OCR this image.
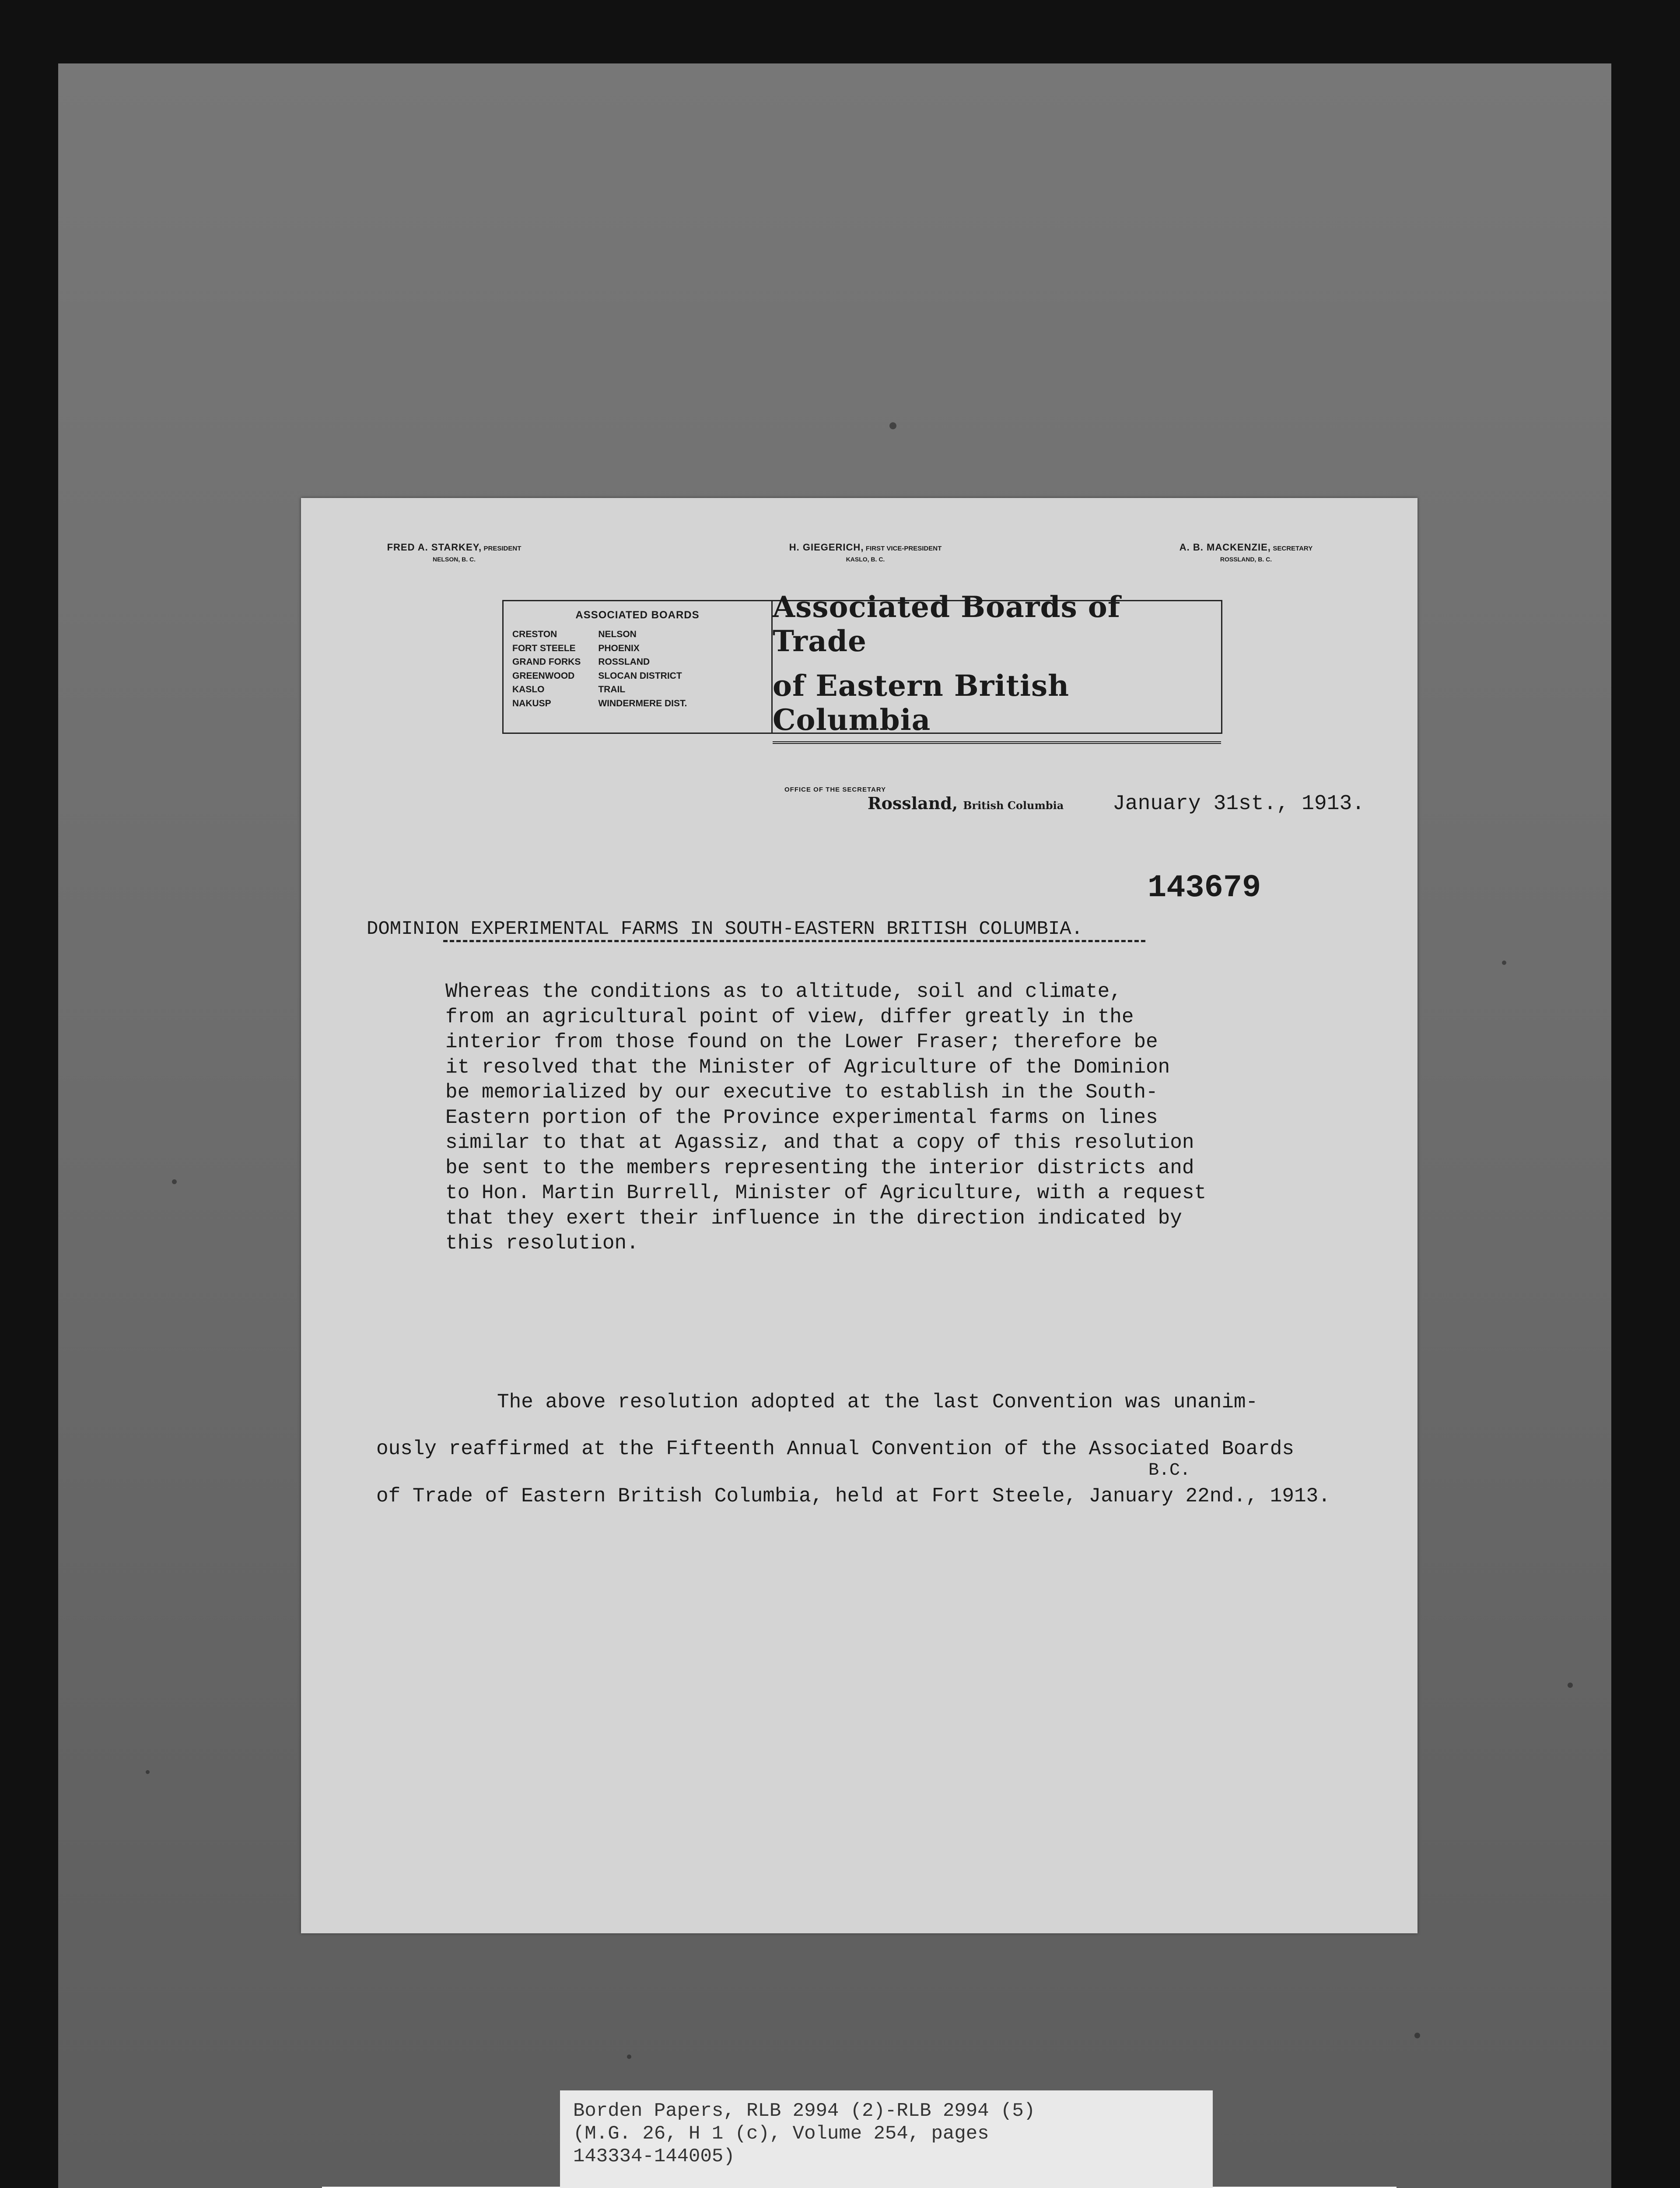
FRED A. STARKEY, PRESIDENT
NELSON, B. C.
H. GIEGERICH, FIRST VICE-PRESIDENT
KASLO, B. C.
A. B. MACKENZIE, SECRETARY
ROSSLAND, B. C.
ASSOCIATED BOARDS
CRESTON
FORT STEELE
GRAND FORKS
GREENWOOD
KASLO
NAKUSP
NELSON
PHOENIX
ROSSLAND
SLOCAN DISTRICT
TRAIL
WINDERMERE DIST.
Associated Boards of Trade
of Eastern British Columbia
OFFICE OF THE SECRETARY
Rossland, British Columbia January 31st., 1913.
143679
DOMINION EXPERIMENTAL FARMS IN SOUTH-EASTERN BRITISH COLUMBIA.
Whereas the conditions as to altitude, soil and climate,
from an agricultural point of view, differ greatly in the
interior from those found on the Lower Fraser; therefore be
it resolved that the Minister of Agriculture of the Dominion
be memorialized by our executive to establish in the South-
Eastern portion of the Province experimental farms on lines
similar to that at Agassiz, and that a copy of this resolution
be sent to the members representing the interior districts and
to Hon. Martin Burrell, Minister of Agriculture, with a request
that they exert their influence in the direction indicated by
this resolution.

The above resolution adopted at the last Convention was unanim-

B.C.

ously reaffirmed at the Fifteenth Annual Convention of the Associated Boards

of Trade of Eastern British Columbia, held at Fort Steele, January 22nd., 1913.

Borden Papers, RLB 2994 (2)-RLB 2994 (5)
(M.G. 26, H 1 (c), Volume 254, pages
143334-144005)
